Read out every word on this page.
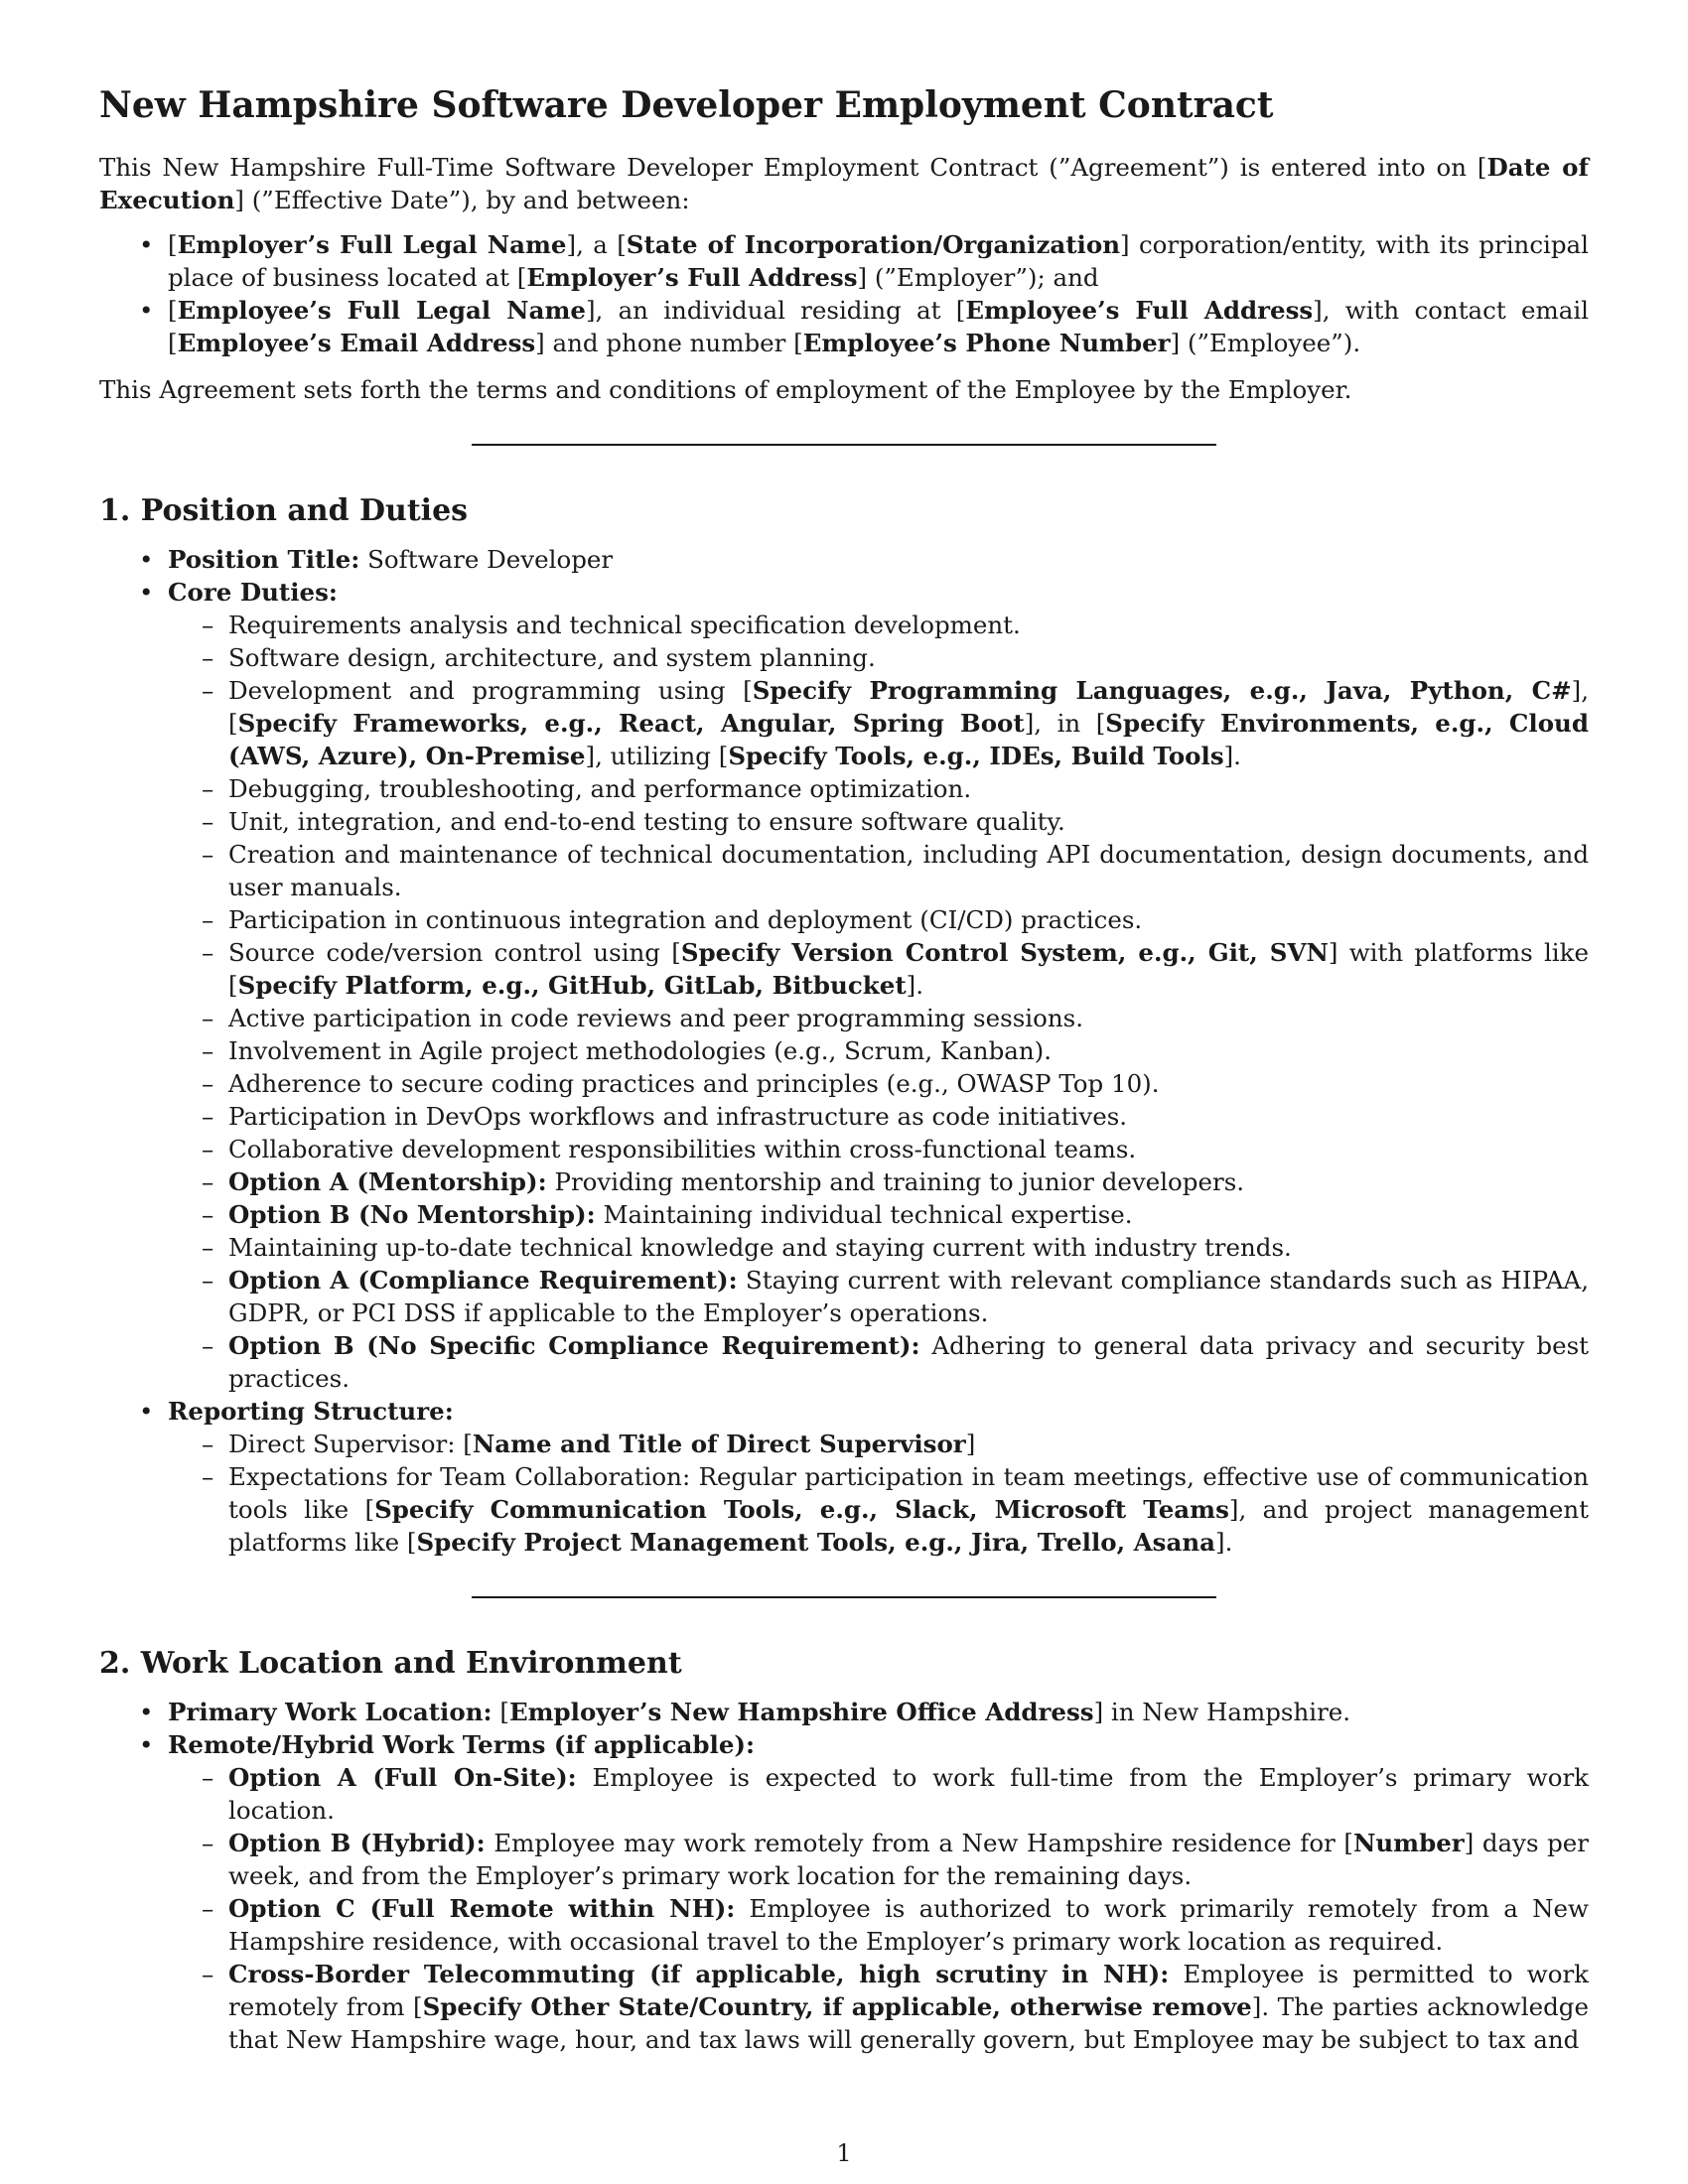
New Hampshire Software Developer Employment Contract

This New Hampshire Full-Time Software Developer Employment Contract (”Agreement”) is entered into on [Date of Execution] (”Effective Date”), by and between:

• [Employer’s Full Legal Name], a [State of Incorporation/Organization] corporation/entity, with its principal place of business located at [Employer’s Full Address] (”Employer”); and
• [Employee’s Full Legal Name], an individual residing at [Employee’s Full Address], with contact email [Employee’s Email Address] and phone number [Employee’s Phone Number] (”Employee”).

This Agreement sets forth the terms and conditions of employment of the Employee by the Employer.

1. Position and Duties
• Position Title: Software Developer
• Core Duties:
– Requirements analysis and technical specification development.
– Software design, architecture, and system planning.
– Development and programming using [Specify Programming Languages, e.g., Java, Python, C#], [Specify Frameworks, e.g., React, Angular, Spring Boot], in [Specify Environments, e.g., Cloud (AWS, Azure), On-Premise], utilizing [Specify Tools, e.g., IDEs, Build Tools].
– Debugging, troubleshooting, and performance optimization.
– Unit, integration, and end-to-end testing to ensure software quality.
– Creation and maintenance of technical documentation, including API documentation, design documents, and user manuals.
– Participation in continuous integration and deployment (CI/CD) practices.
– Source code/version control using [Specify Version Control System, e.g., Git, SVN] with platforms like [Specify Platform, e.g., GitHub, GitLab, Bitbucket].
– Active participation in code reviews and peer programming sessions.
– Involvement in Agile project methodologies (e.g., Scrum, Kanban).
– Adherence to secure coding practices and principles (e.g., OWASP Top 10).
– Participation in DevOps workflows and infrastructure as code initiatives.
– Collaborative development responsibilities within cross-functional teams.
– Option A (Mentorship): Providing mentorship and training to junior developers.
– Option B (No Mentorship): Maintaining individual technical expertise.
– Maintaining up-to-date technical knowledge and staying current with industry trends.
– Option A (Compliance Requirement): Staying current with relevant compliance standards such as HIPAA, GDPR, or PCI DSS if applicable to the Employer’s operations.
– Option B (No Specific Compliance Requirement): Adhering to general data privacy and security best practices.
• Reporting Structure:
– Direct Supervisor: [Name and Title of Direct Supervisor]
– Expectations for Team Collaboration: Regular participation in team meetings, effective use of communication tools like [Specify Communication Tools, e.g., Slack, Microsoft Teams], and project management platforms like [Specify Project Management Tools, e.g., Jira, Trello, Asana].
2. Work Location and Environment
• Primary Work Location: [Employer’s New Hampshire Office Address] in New Hampshire.
• Remote/Hybrid Work Terms (if applicable):
– Option A (Full On-Site): Employee is expected to work full-time from the Employer’s primary work location.
– Option B (Hybrid): Employee may work remotely from a New Hampshire residence for [Number] days per week, and from the Employer’s primary work location for the remaining days.
– Option C (Full Remote within NH): Employee is authorized to work primarily remotely from a New Hampshire residence, with occasional travel to the Employer’s primary work location as required.
– Cross-Border Telecommuting (if applicable, high scrutiny in NH): Employee is permitted to work remotely from [Specify Other State/Country, if applicable, otherwise remove]. The parties acknowledge that New Hampshire wage, hour, and tax laws will generally govern, but Employee may be subject to tax and
1
